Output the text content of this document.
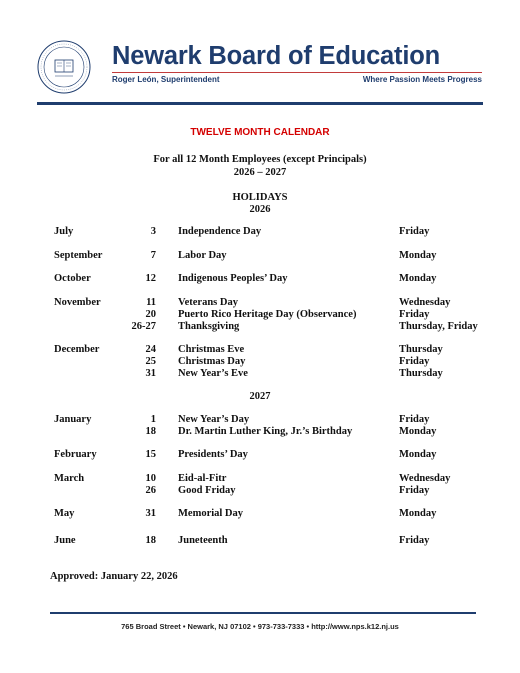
Newark Board of Education
Roger León, Superintendent	Where Passion Meets Progress
TWELVE MONTH CALENDAR
For all 12 Month Employees (except Principals)
2026 – 2027
HOLIDAYS
2026
July	3 Independence Day	Friday
September	7 Labor Day	Monday
October	12 Indigenous Peoples’ Day	Monday
November	11 Veterans Day	Wednesday
20 Puerto Rico Heritage Day (Observance)	Friday
26-27 Thanksgiving	Thursday, Friday
December	24 Christmas Eve	Thursday
25 Christmas Day	Friday
31 New Year’s Eve	Thursday
2027
January	1 New Year’s Day	Friday
18 Dr. Martin Luther King, Jr.’s Birthday	Monday
February	15 Presidents’ Day	Monday
March	10 Eid-al-Fitr	Wednesday
26 Good Friday	Friday
May	31 Memorial Day	Monday
June	18 Juneteenth	Friday
Approved: January 22, 2026
765 Broad Street • Newark, NJ 07102 • 973-733-7333 • http://www.nps.k12.nj.us
